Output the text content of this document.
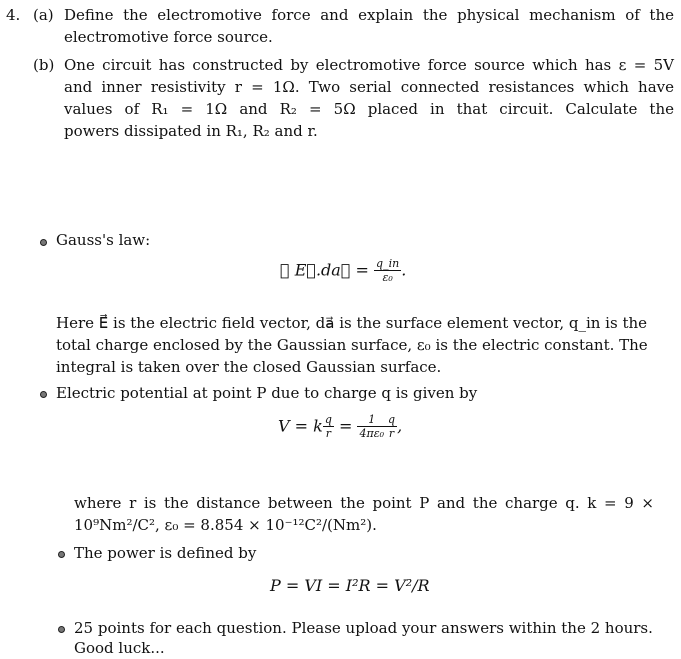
4. (a) Define the electromotive force and explain the physical mechanism of the
electromotive force source.
(b) One circuit has constructed by electromotive force source which has ε = 5V
and inner resistivity r = 1Ω. Two serial connected resistances which have
values of R₁ = 1Ω and R₂ = 5Ω placed in that circuit. Calculate the
powers dissipated in R₁, R₂ and r.
Gauss's law:
∮ E⃗.da⃗ = $\frac{q\_in}{\text{ε₀}}$ .
Here E⃗ is the electric field vector, da⃗ is the surface element vector, q_in is the
total charge enclosed by the Gaussian surface, ε₀ is the electric constant. The
integral is taken over the closed Gaussian surface.
Electric potential at point P due to charge q is given by
V = k $\frac{q}{r} = \frac{1}{\text{4πε₀}} \frac{q}{r}$ ,
where r is the distance between the point P and the charge q. k = 9 ×
10⁹Nm²/C², ε₀ = 8.854 × 10⁻¹²C²/(Nm²).
The power is defined by
P = VI = I²R = V²/R
25 points for each question. Please upload your answers within the 2 hours.
Good luck...
